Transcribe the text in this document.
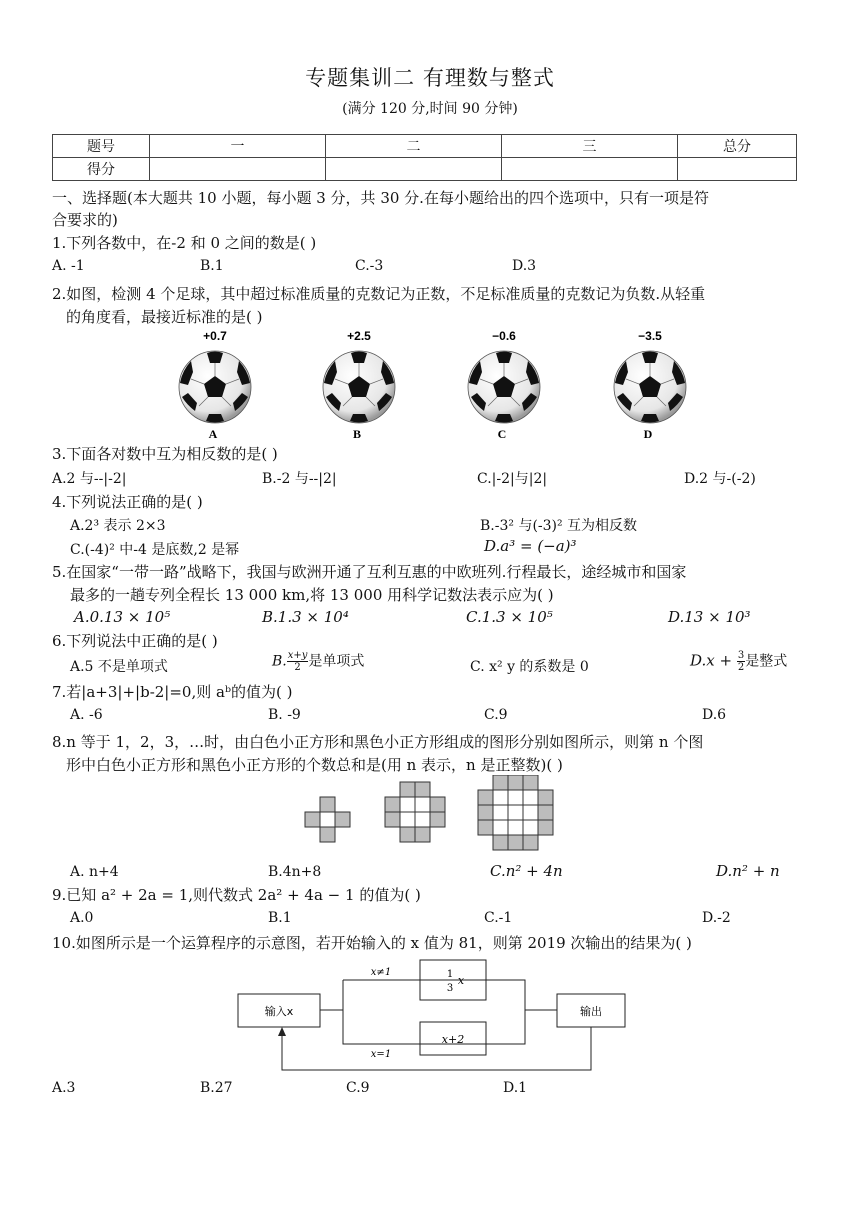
专题集训二 有理数与整式
(满分 120 分,时间 90 分钟)
题号	一	二	三	总分
得分				
一、选择题(本大题共 10 小题，每小题 3 分，共 30 分.在每小题给出的四个选项中，只有一项是符
合要求的)
1.下列各数中，在-2 和 0 之间的数是( )
A. -1	B.1	C.-3	D.3
2.如图，检测 4 个足球，其中超过标准质量的克数记为正数，不足标准质量的克数记为负数.从轻重
的角度看，最接近标准的是( )
+0.7
A
+2.5
B
−0.6
C
−3.5
D
3.下面各对数中互为相反数的是( )
A.2 与--|-2|	B.-2 与--|2|	C.|-2|与|2|	D.2 与-(-2)
4.下列说法正确的是( )
A.2³ 表示 2×3	B.-3² 与(-3)² 互为相反数
C.(-4)² 中-4 是底数,2 是幂	D.a³ = (−a)³
5.在国家“一带一路”战略下，我国与欧洲开通了互利互惠的中欧班列.行程最长，途经城市和国家
最多的一趟专列全程长 13 000 km,将 13 000 用科学记数法表示应为( )
A.0.13 × 10⁵	B.1.3 × 10⁴	C.1.3 × 10⁵	D.13 × 10³
6.下列说法中正确的是( )
A.5 不是单项式	B. $\frac{x+y}{2}$ 是单项式	C. x² y 的系数是 0	$D.x + \frac{3}{2}$ 是整式
7.若|a+3|+|b-2|=0,则 aᵇ的值为( )
A. -6	B. -9	C.9	D.6
8.n 等于 1，2，3，…时，由白色小正方形和黑色小正方形组成的图形分别如图所示，则第 n 个图
形中白色小正方形和黑色小正方形的个数总和是(用 n 表示，n 是正整数)( )
A. n+4	B.4n+8	C.n² + 4n	D.n² + n
9.已知 a² + 2a = 1,则代数式 2a² + 4a − 1 的值为( )
A.0	B.1	C.-1	D.-2
10.如图所示是一个运算程序的示意图，若开始输入的 x 值为 81，则第 2019 次输出的结果为( )
输入x	输出
x≠1
x=1
1
3
x
x+2
A.3	B.27	C.9	D.1
